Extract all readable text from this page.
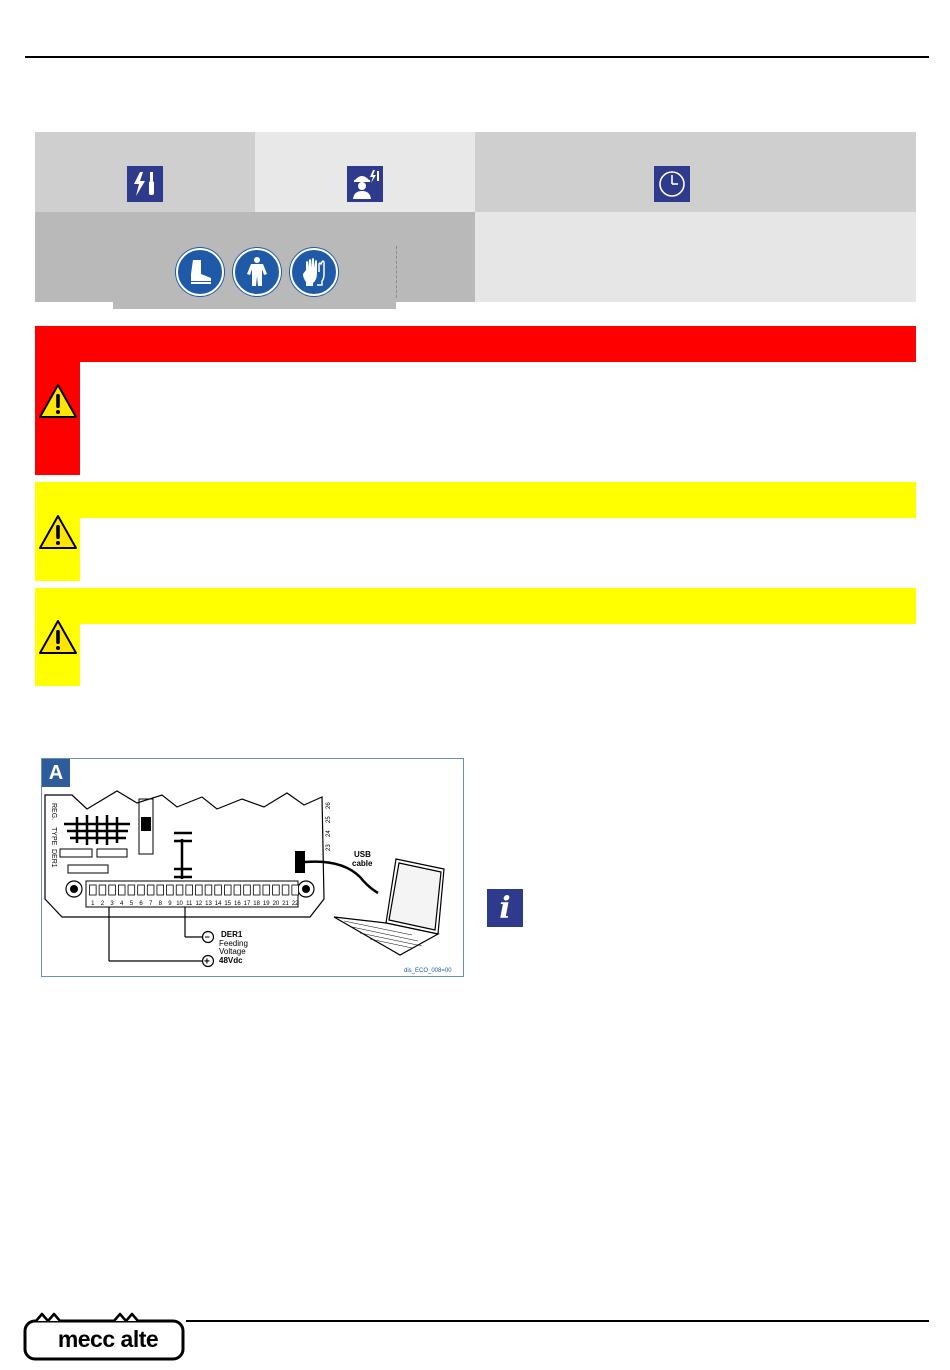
A
REG.
TYPE
DER1
1 2 3 4 5 6 7 8 9 10 11 12 13 14 15 16 17 18 19 20 21 22
23
24
25
26
USB
cable
−
+
DER1
Feeding
Voltage
48Vdc
dis_ECO_008=00
i
mecc alte
